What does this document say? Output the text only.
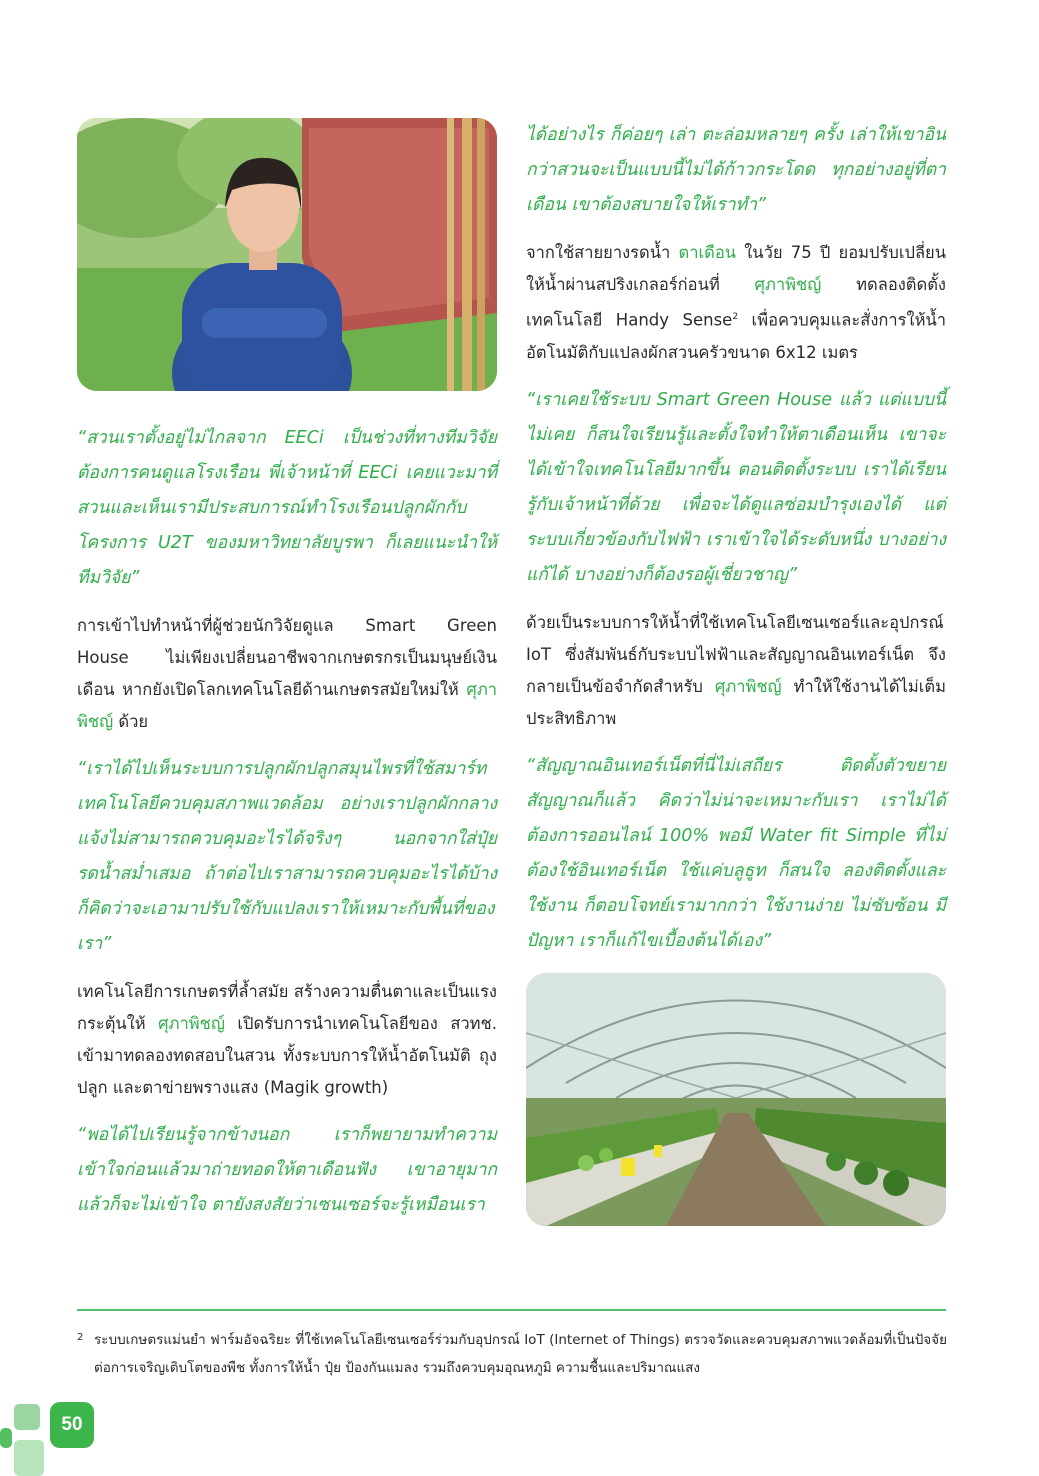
“สวนเราตั้งอยู่ไม่ไกลจาก EECi เป็นช่วงที่ทางทีมวิจัยต้องการคนดูแลโรงเรือน พี่เจ้าหน้าที่ EECi เคยแวะมาที่สวนและเห็นเรามีประสบการณ์ทำโรงเรือนปลูกผักกับโครงการ U2T ของมหาวิทยาลัยบูรพา ก็เลยแนะนำให้ทีมวิจัย”

การเข้าไปทำหน้าที่ผู้ช่วยนักวิจัยดูแล Smart Green House ไม่เพียงเปลี่ยนอาชีพจากเกษตรกรเป็นมนุษย์เงินเดือน หากยังเปิดโลกเทคโนโลยีด้านเกษตรสมัยใหม่ให้ ศุภาพิชญ์ ด้วย

“เราได้ไปเห็นระบบการปลูกผักปลูกสมุนไพรที่ใช้สมาร์ทเทคโนโลยีควบคุมสภาพแวดล้อม อย่างเราปลูกผักกลางแจ้งไม่สามารถควบคุมอะไรได้จริงๆ นอกจากใส่ปุ๋ย รดน้ำสม่ำเสมอ ถ้าต่อไปเราสามารถควบคุมอะไรได้บ้าง ก็คิดว่าจะเอามาปรับใช้กับแปลงเราให้เหมาะกับพื้นที่ของเรา”

เทคโนโลยีการเกษตรที่ล้ำสมัย สร้างความตื่นตาและเป็นแรงกระตุ้นให้ ศุภาพิชญ์ เปิดรับการนำเทคโนโลยีของ สวทช. เข้ามาทดลองทดสอบในสวน ทั้งระบบการให้น้ำอัตโนมัติ ถุงปลูก และตาข่ายพรางแสง (Magik growth)

“พอได้ไปเรียนรู้จากข้างนอก เราก็พยายามทำความเข้าใจก่อนแล้วมาถ่ายทอดให้ตาเดือนฟัง เขาอายุมากแล้วก็จะไม่เข้าใจ ตายังสงสัยว่าเซนเซอร์จะรู้เหมือนเรา

ได้อย่างไร ก็ค่อยๆ เล่า ตะล่อมหลายๆ ครั้ง เล่าให้เขาอิน กว่าสวนจะเป็นแบบนี้ไม่ได้ก้าวกระโดด ทุกอย่างอยู่ที่ตาเดือน เขาต้องสบายใจให้เราทำ”

จากใช้สายยางรดน้ำ ตาเดือน ในวัย 75 ปี ยอมปรับเปลี่ยนให้น้ำผ่านสปริงเกลอร์ก่อนที่ ศุภาพิชญ์ ทดลองติดตั้งเทคโนโลยี Handy Sense$^2$ เพื่อควบคุมและสั่งการให้น้ำอัตโนมัติกับแปลงผักสวนครัวขนาด 6x12 เมตร

“เราเคยใช้ระบบ Smart Green House แล้ว แต่แบบนี้ไม่เคย ก็สนใจเรียนรู้และตั้งใจทำให้ตาเดือนเห็น เขาจะได้เข้าใจเทคโนโลยีมากขึ้น ตอนติดตั้งระบบ เราได้เรียนรู้กับเจ้าหน้าที่ด้วย เพื่อจะได้ดูแลซ่อมบำรุงเองได้ แต่ระบบเกี่ยวข้องกับไฟฟ้า เราเข้าใจได้ระดับหนึ่ง บางอย่างแก้ได้ บางอย่างก็ต้องรอผู้เชี่ยวชาญ”

ด้วยเป็นระบบการให้น้ำที่ใช้เทคโนโลยีเซนเซอร์และอุปกรณ์ IoT ซึ่งสัมพันธ์กับระบบไฟฟ้าและสัญญาณอินเทอร์เน็ต จึงกลายเป็นข้อจำกัดสำหรับ ศุภาพิชญ์ ทำให้ใช้งานได้ไม่เต็มประสิทธิภาพ

“สัญญาณอินเทอร์เน็ตที่นี่ไม่เสถียร ติดตั้งตัวขยายสัญญาณก็แล้ว คิดว่าไม่น่าจะเหมาะกับเรา เราไม่ได้ต้องการออนไลน์ 100% พอมี Water fit Simple ที่ไม่ต้องใช้อินเทอร์เน็ต ใช้แค่บลูธูท ก็สนใจ ลองติดตั้งและใช้งาน ก็ตอบโจทย์เรามากกว่า ใช้งานง่าย ไม่ซับซ้อน มีปัญหา เราก็แก้ไขเบื้องต้นได้เอง”

2 ระบบเกษตรแม่นยำ ฟาร์มอัจฉริยะ ที่ใช้เทคโนโลยีเซนเซอร์ร่วมกับอุปกรณ์ IoT (Internet of Things) ตรวจวัดและควบคุมสภาพแวดล้อมที่เป็นปัจจัยต่อการเจริญเติบโตของพืช ทั้งการให้น้ำ ปุ๋ย ป้องกันแมลง รวมถึงควบคุมอุณหภูมิ ความชื้นและปริมาณแสง
50
